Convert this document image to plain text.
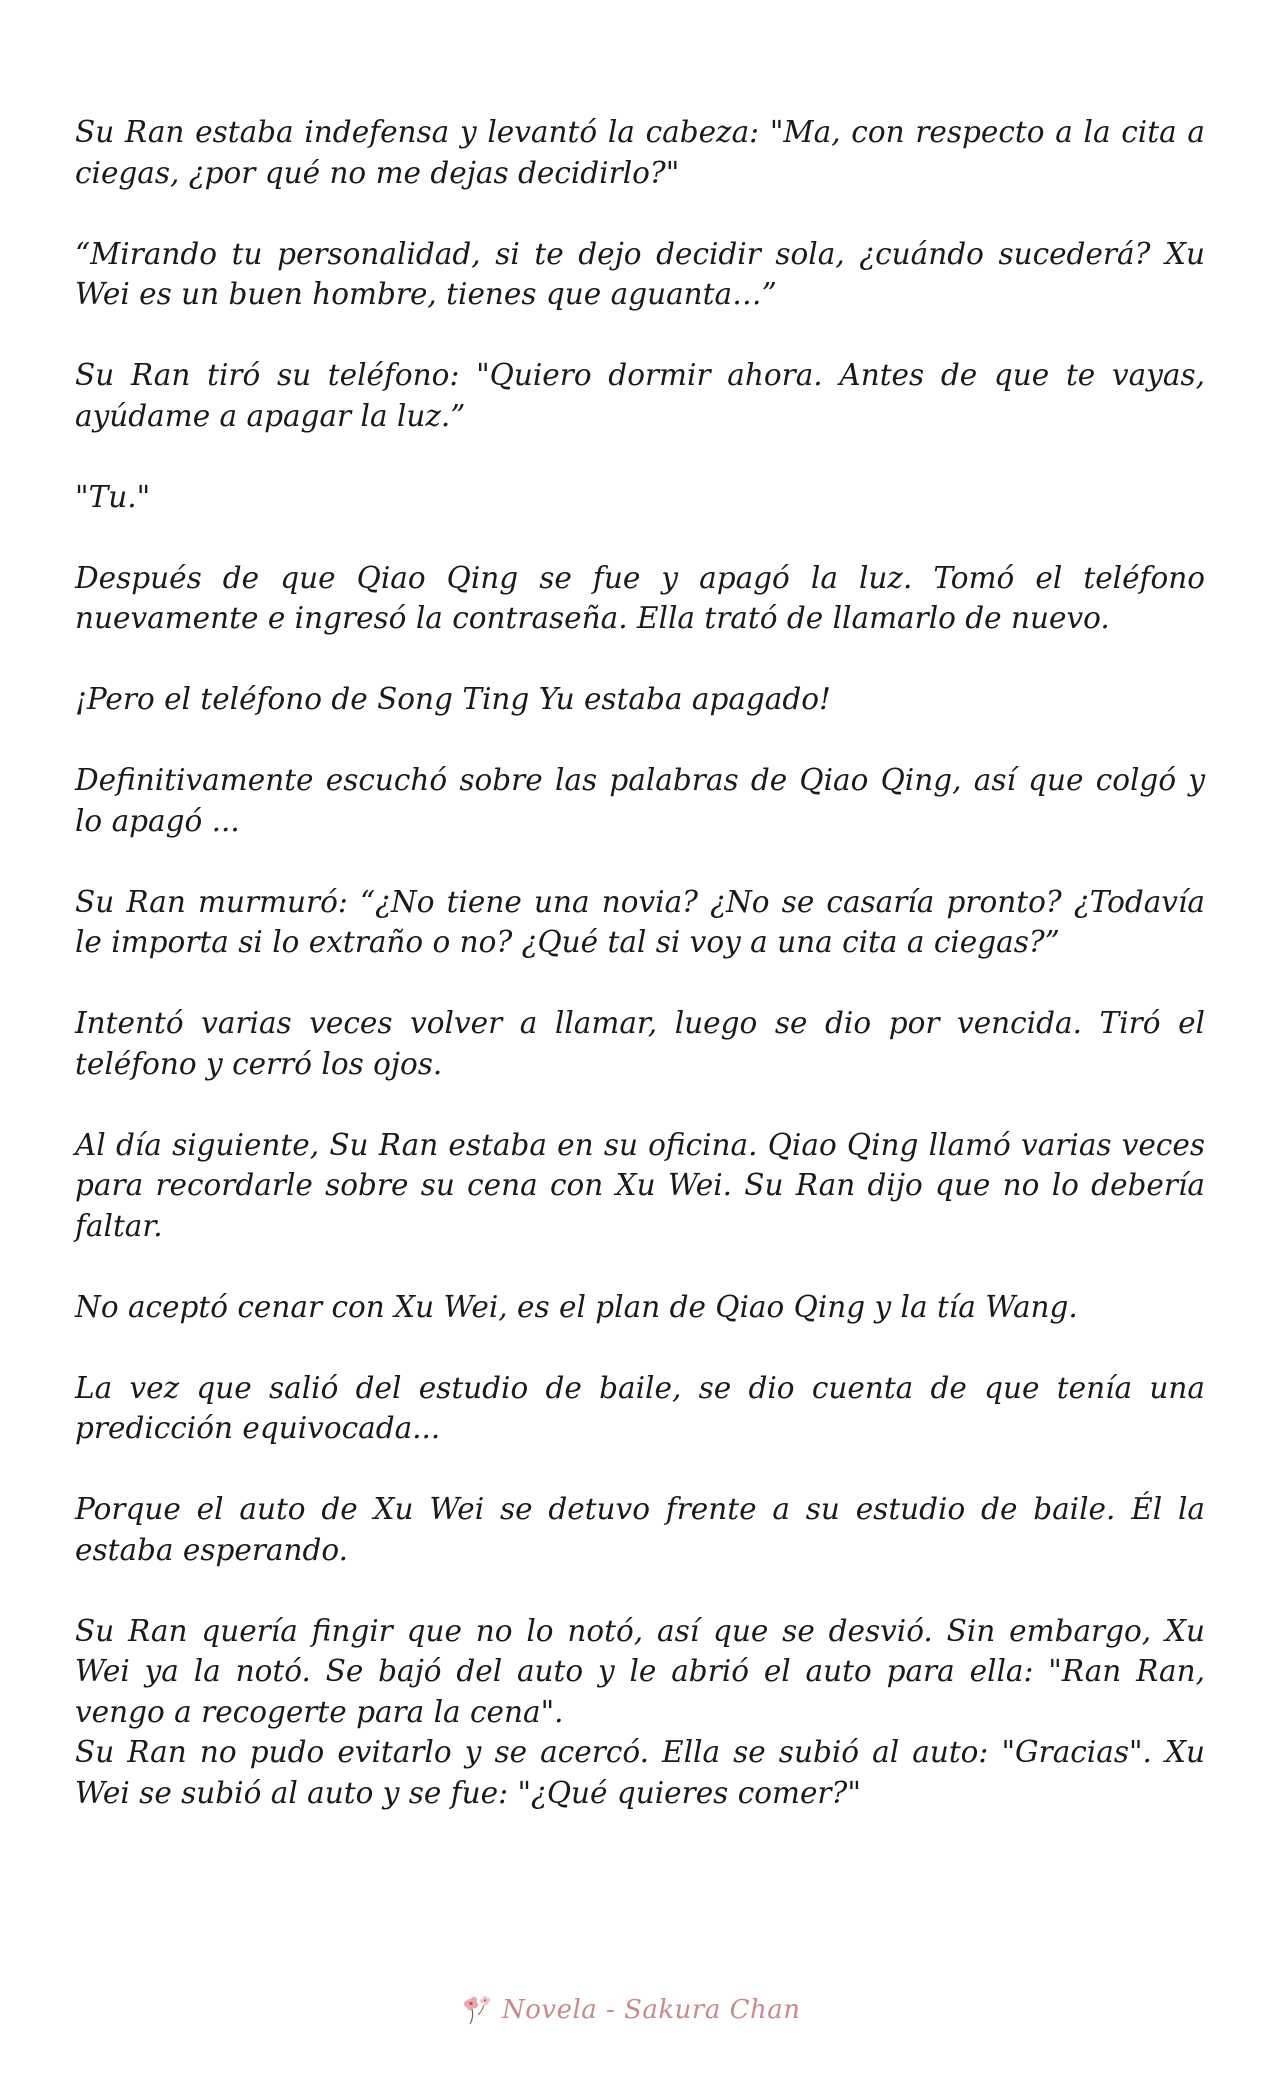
Su Ran estaba indefensa y levantó la cabeza: "Ma, con respecto a la cita a ciegas, ¿por qué no me dejas decidirlo?"

“Mirando tu personalidad, si te dejo decidir sola, ¿cuándo sucederá? Xu Wei es un buen hombre, tienes que aguanta…”

Su Ran tiró su teléfono: "Quiero dormir ahora. Antes de que te vayas, ayúdame a apagar la luz.”

"Tu."

Después de que Qiao Qing se fue y apagó la luz. Tomó el teléfono nuevamente e ingresó la contraseña. Ella trató de llamarlo de nuevo.

¡Pero el teléfono de Song Ting Yu estaba apagado!

Definitivamente escuchó sobre las palabras de Qiao Qing, así que colgó y lo apagó ...

Su Ran murmuró: “¿No tiene una novia? ¿No se casaría pronto? ¿Todavía le importa si lo extraño o no? ¿Qué tal si voy a una cita a ciegas?”

Intentó varias veces volver a llamar, luego se dio por vencida. Tiró el teléfono y cerró los ojos.

Al día siguiente, Su Ran estaba en su oficina. Qiao Qing llamó varias veces para recordarle sobre su cena con Xu Wei. Su Ran dijo que no lo debería faltar.

No aceptó cenar con Xu Wei, es el plan de Qiao Qing y la tía Wang.

La vez que salió del estudio de baile, se dio cuenta de que tenía una predicción equivocada...

Porque el auto de Xu Wei se detuvo frente a su estudio de baile. Él la estaba esperando.

Su Ran quería fingir que no lo notó, así que se desvió. Sin embargo, Xu Wei ya la notó. Se bajó del auto y le abrió el auto para ella: "Ran Ran, vengo a recogerte para la cena".

Su Ran no pudo evitarlo y se acercó. Ella se subió al auto: "Gracias". Xu Wei se subió al auto y se fue: "¿Qué quieres comer?"

Novela - Sakura Chan
